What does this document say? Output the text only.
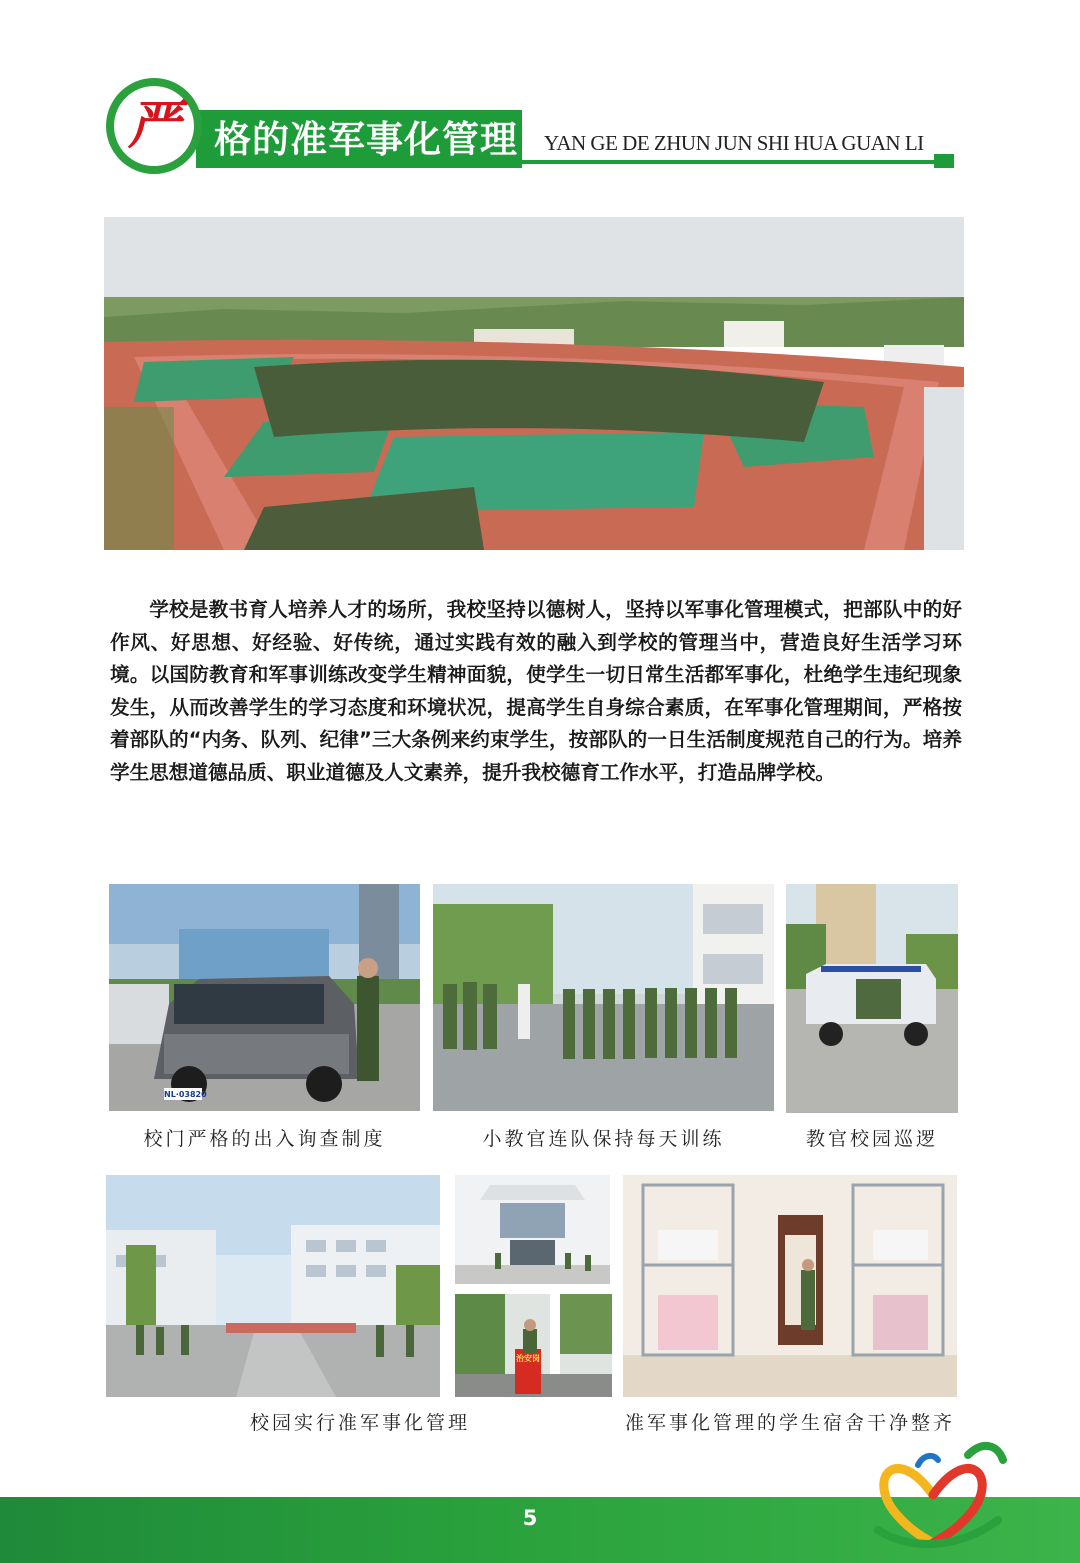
严 格的准军事化管理 YAN GE DE ZHUN JUN SHI HUA GUAN LI
学校是教书育人培养人才的场所，我校坚持以德树人，坚持以军事化管理模式，把部队中的好作风、好思想、好经验、好传统，通过实践有效的融入到学校的管理当中，营造良好生活学习环境。以国防教育和军事训练改变学生精神面貌，使学生一切日常生活都军事化，杜绝学生违纪现象发生，从而改善学生的学习态度和环境状况，提高学生自身综合素质，在军事化管理期间，严格按着部队的“内务、队列、纪律”三大条例来约束学生，按部队的一日生活制度规范自己的行为。培养学生思想道德品质、职业道德及人文素养，提升我校德育工作水平，打造品牌学校。
NL·03820
校门严格的出入询查制度	小教官连队保持每天训练	教官校园巡逻
治安岗
校园实行准军事化管理	准军事化管理的学生宿舍干净整齐
5
